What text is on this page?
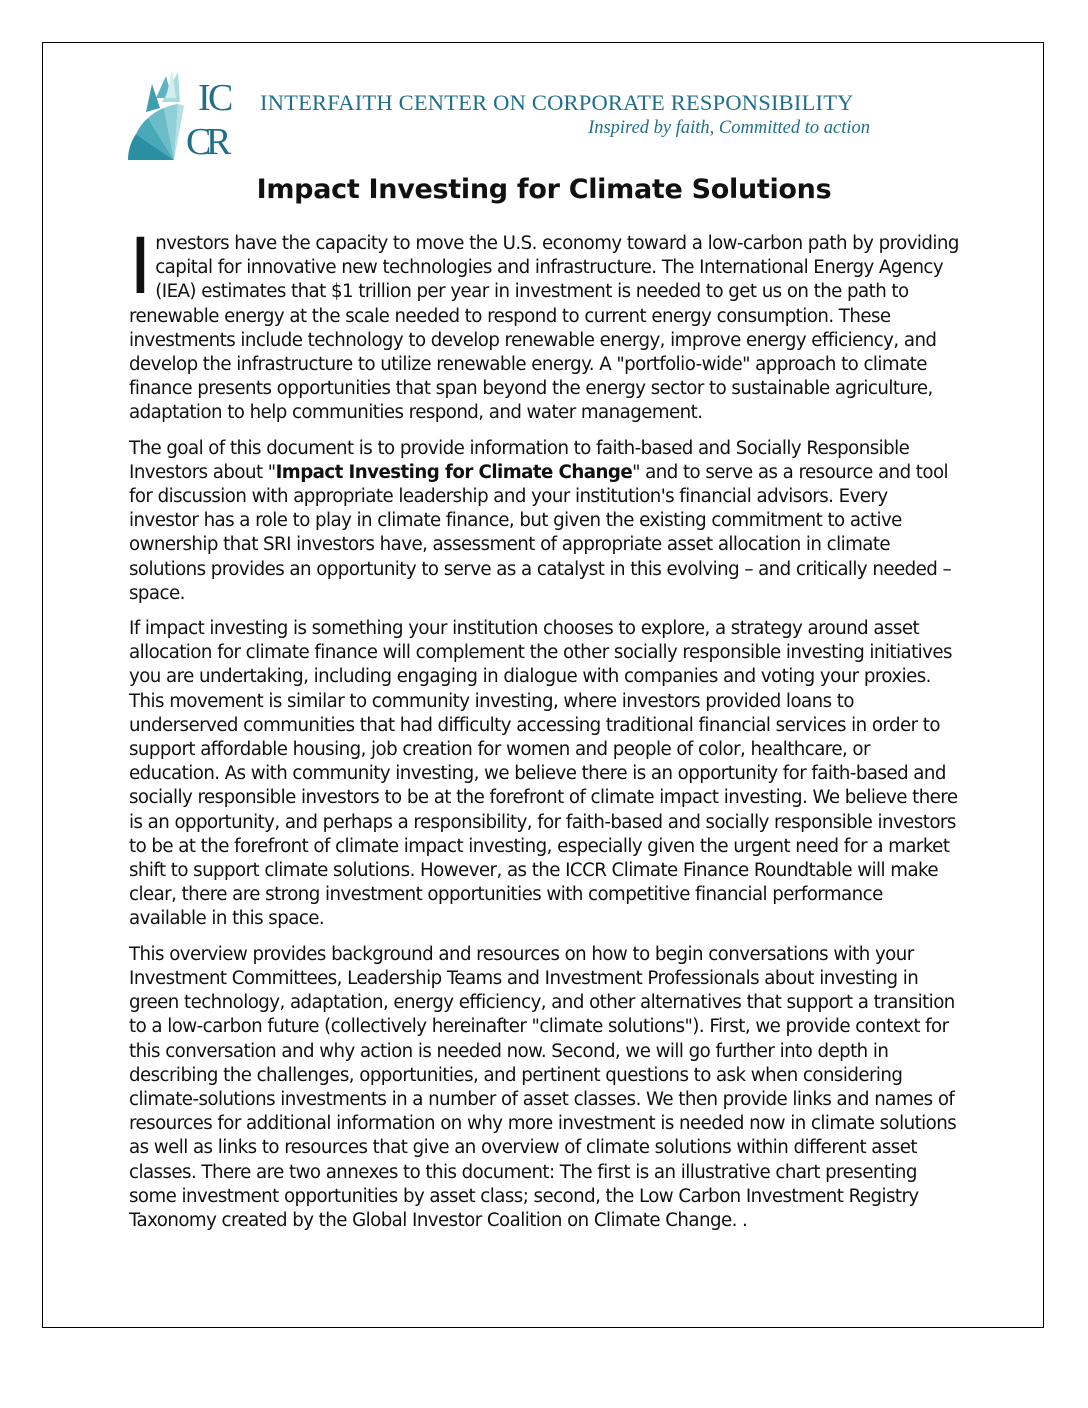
I
C
C
R
INTERFAITH CENTER ON CORPORATE RESPONSIBILITY
Inspired by faith, Committed to action
Impact Investing for Climate Solutions

Investors have the capacity to move the U.S. economy toward a low-carbon path by providing capital for innovative new technologies and infrastructure. The International Energy Agency (IEA) estimates that $1 trillion per year in investment is needed to get us on the path to renewable energy at the scale needed to respond to current energy consumption. These investments include technology to develop renewable energy, improve energy efficiency, and develop the infrastructure to utilize renewable energy. A "portfolio-wide" approach to climate finance presents opportunities that span beyond the energy sector to sustainable agriculture, adaptation to help communities respond, and water management.

The goal of this document is to provide information to faith-based and Socially Responsible Investors about "Impact Investing for Climate Change" and to serve as a resource and tool for discussion with appropriate leadership and your institution's financial advisors. Every investor has a role to play in climate finance, but given the existing commitment to active ownership that SRI investors have, assessment of appropriate asset allocation in climate solutions provides an opportunity to serve as a catalyst in this evolving – and critically needed – space.

If impact investing is something your institution chooses to explore, a strategy around asset allocation for climate finance will complement the other socially responsible investing initiatives you are undertaking, including engaging in dialogue with companies and voting your proxies. This movement is similar to community investing, where investors provided loans to underserved communities that had difficulty accessing traditional financial services in order to support affordable housing, job creation for women and people of color, healthcare, or education. As with community investing, we believe there is an opportunity for faith-based and socially responsible investors to be at the forefront of climate impact investing. We believe there is an opportunity, and perhaps a responsibility, for faith-based and socially responsible investors to be at the forefront of climate impact investing, especially given the urgent need for a market shift to support climate solutions. However, as the ICCR Climate Finance Roundtable will make clear, there are strong investment opportunities with competitive financial performance available in this space.

This overview provides background and resources on how to begin conversations with your Investment Committees, Leadership Teams and Investment Professionals about investing in green technology, adaptation, energy efficiency, and other alternatives that support a transition to a low-carbon future (collectively hereinafter "climate solutions"). First, we provide context for this conversation and why action is needed now. Second, we will go further into depth in describing the challenges, opportunities, and pertinent questions to ask when considering climate-solutions investments in a number of asset classes. We then provide links and names of resources for additional information on why more investment is needed now in climate solutions as well as links to resources that give an overview of climate solutions within different asset classes. There are two annexes to this document: The first is an illustrative chart presenting some investment opportunities by asset class; second, the Low Carbon Investment Registry Taxonomy created by the Global Investor Coalition on Climate Change. .
